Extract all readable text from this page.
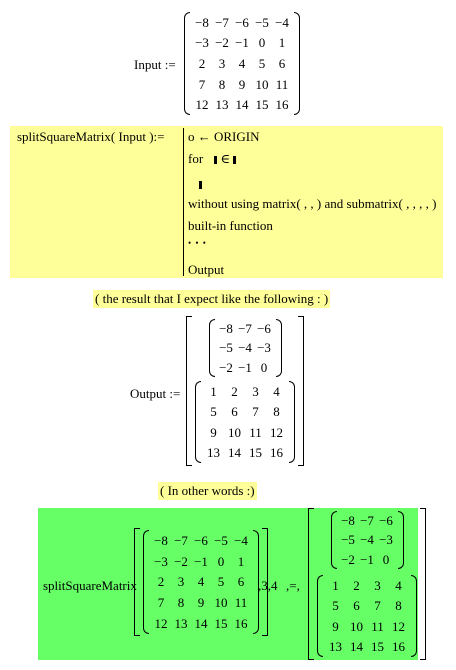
Input :=
−8 −7 −6 −5 −4
−3 −2 −1 0 1
2 3 4 5 6
7 8 9 10 11
12 13 14 15 16
splitSquareMatrix( Input ):= o ← ORIGIN
for ∈
without using matrix( , , ) and submatrix( , , , , )
built-in function
• • •
Output
( the result that I expect like the following : )
Output :=
−8 −7 −6
−5 −4 −3
−2 −1 0
1 2 3 4
5 6 7 8
9 10 11 12
13 14 15 16
( In other words :)
splitSquareMatrix
−8 −7 −6 −5 −4
−3 −2 −1 0 1
2 3 4 5 6
7 8 9 10 11
12 13 14 15 16
,3,4 ,=,
−8 −7 −6
−5 −4 −3
−2 −1 0
1 2 3 4
5 6 7 8
9 10 11 12
13 14 15 16
